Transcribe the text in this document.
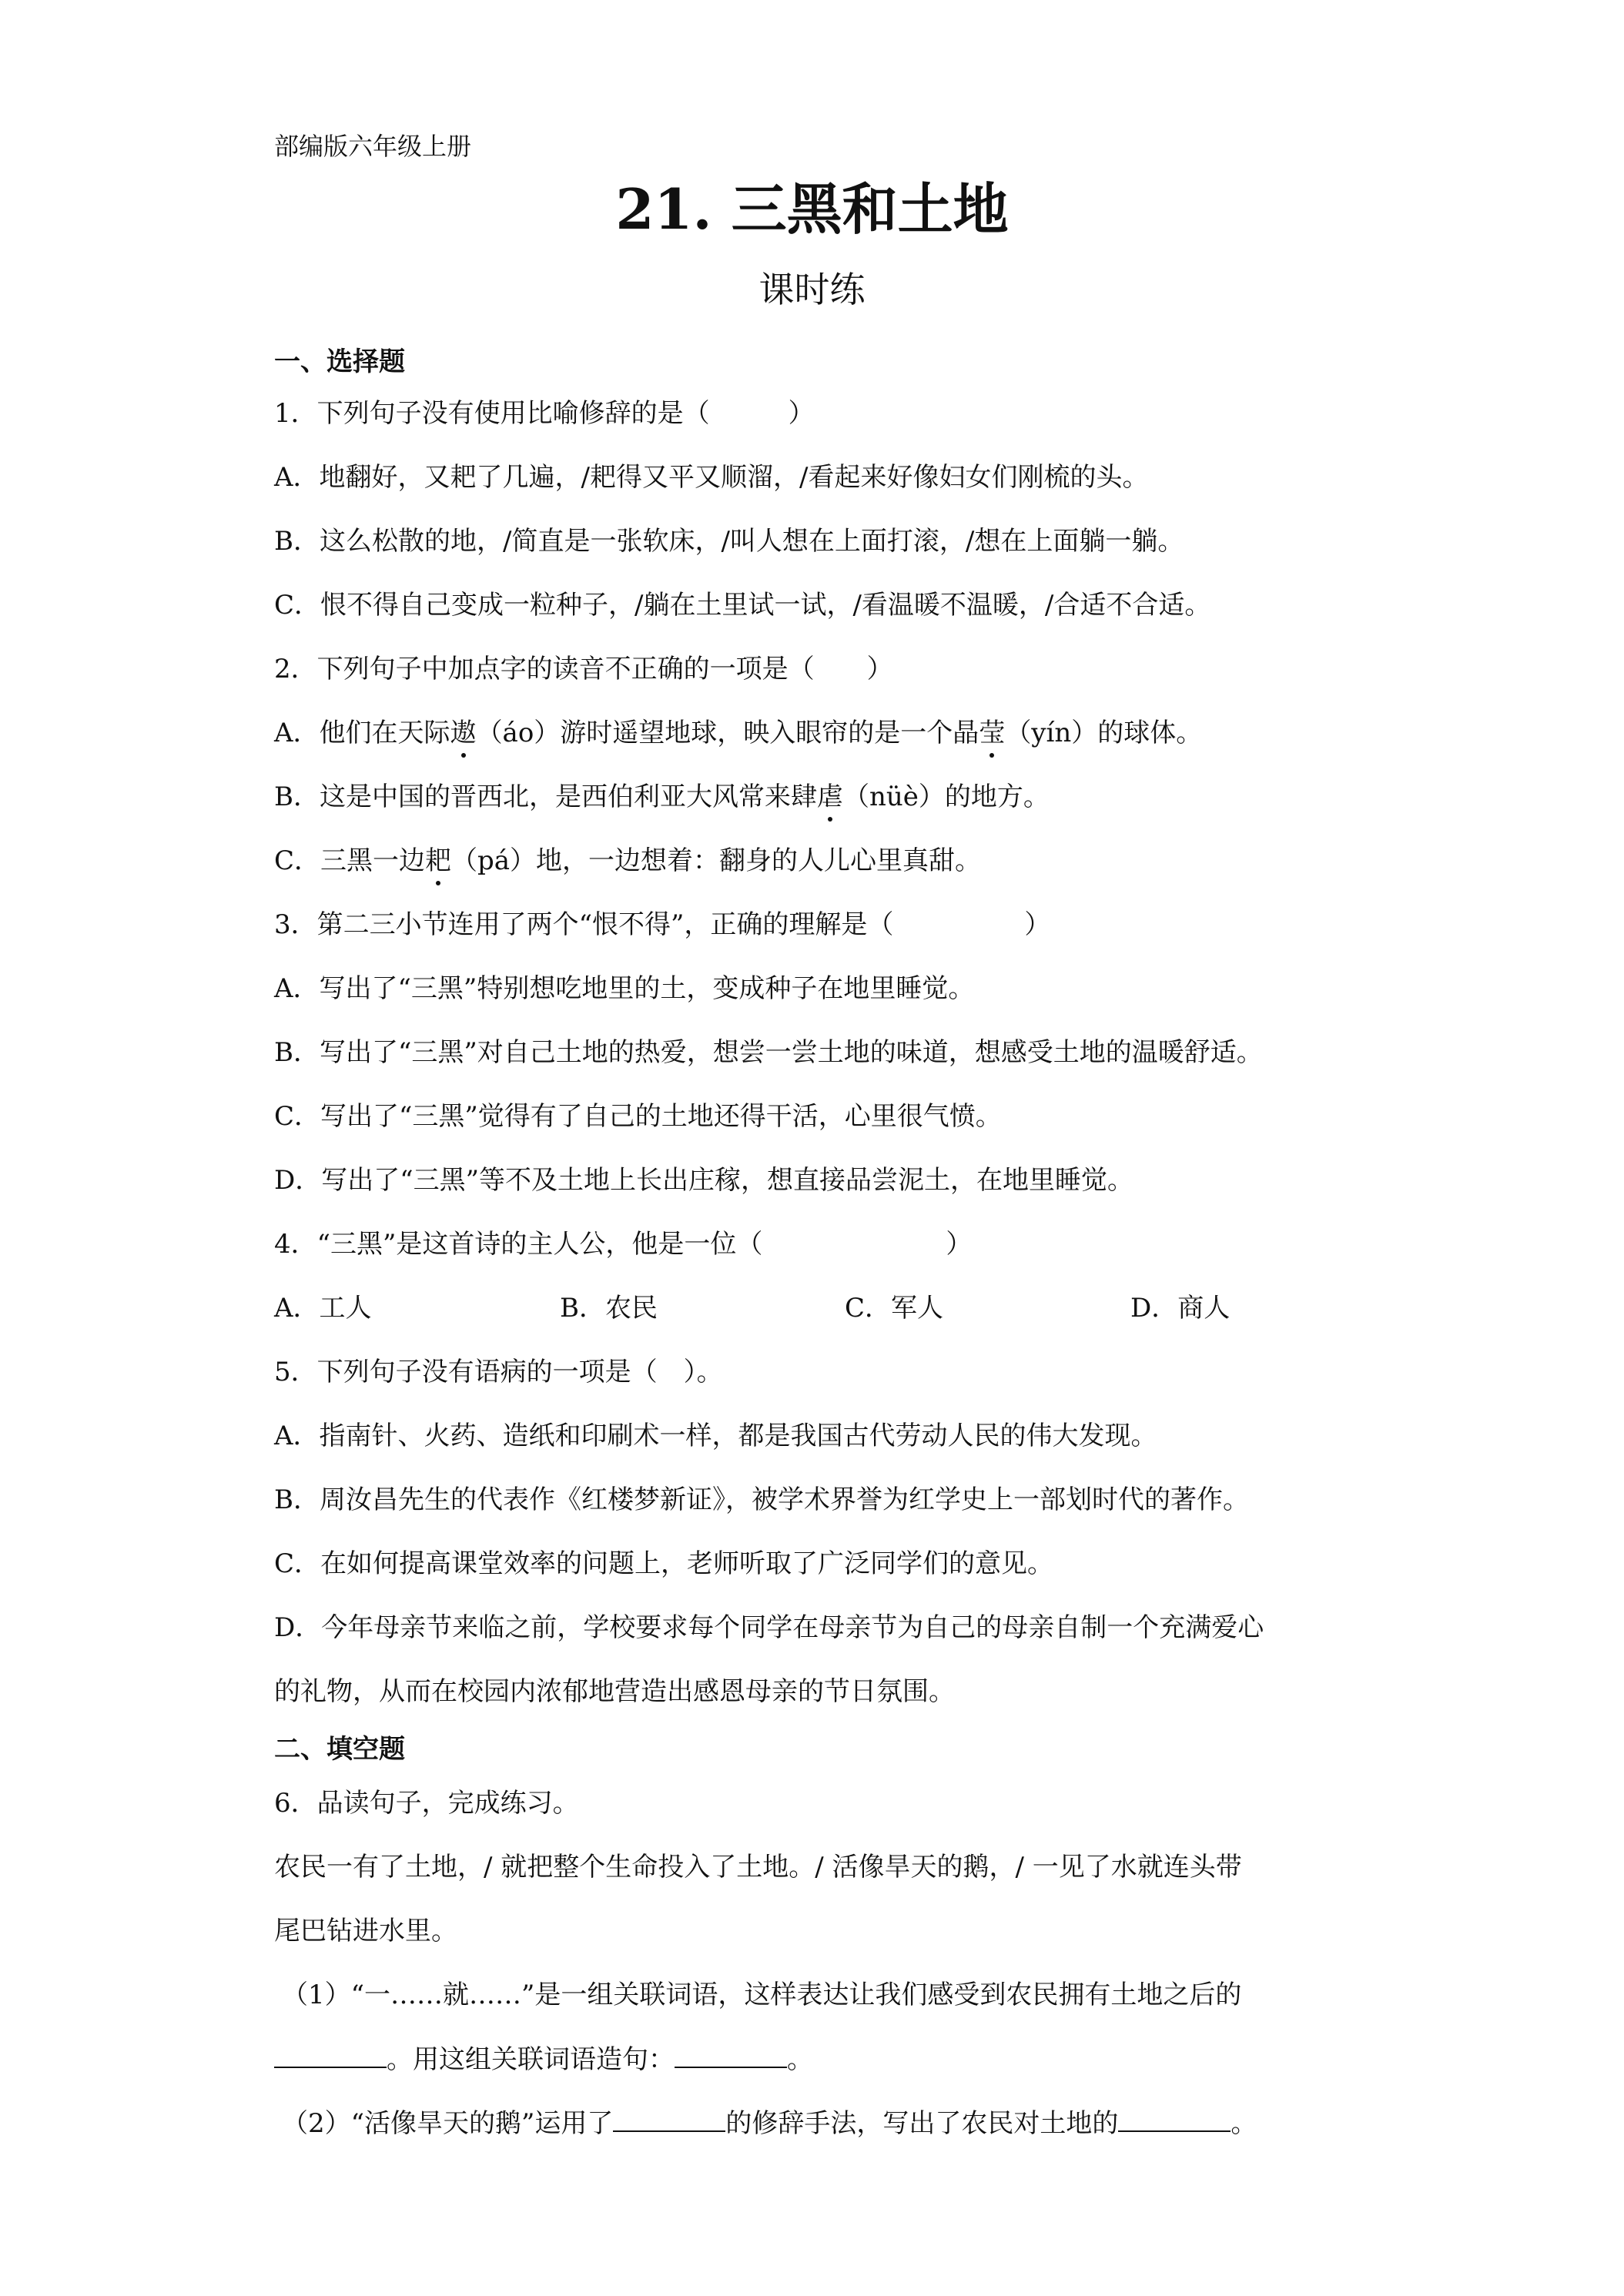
部编版六年级上册
21. 三黑和土地
课时练
一、选择题
1．下列句子没有使用比喻修辞的是（　　　）
A．地翻好，又耙了几遍，/耙得又平又顺溜，/看起来好像妇女们刚梳的头。
B．这么松散的地，/简直是一张软床，/叫人想在上面打滚，/想在上面躺一躺。
C．恨不得自己变成一粒种子，/躺在土里试一试，/看温暖不温暖，/合适不合适。
2．下列句子中加点字的读音不正确的一项是（　　）
A．他们在天际遨（áo）游时遥望地球，映入眼帘的是一个晶莹（yín）的球体。
B．这是中国的晋西北，是西伯利亚大风常来肆虐（nüè）的地方。
C．三黑一边耙（pá）地，一边想着：翻身的人儿心里真甜。
3．第二三小节连用了两个“恨不得”，正确的理解是（　　　　　）
A．写出了“三黑”特别想吃地里的土，变成种子在地里睡觉。
B．写出了“三黑”对自己土地的热爱，想尝一尝土地的味道，想感受土地的温暖舒适。
C．写出了“三黑”觉得有了自己的土地还得干活，心里很气愤。
D．写出了“三黑”等不及土地上长出庄稼，想直接品尝泥土，在地里睡觉。
4．“三黑”是这首诗的主人公，他是一位（　　　　　　　）
A．工人	B．农民	C．军人	D．商人
5．下列句子没有语病的一项是（　）。
A．指南针、火药、造纸和印刷术一样，都是我国古代劳动人民的伟大发现。
B．周汝昌先生的代表作《红楼梦新证》，被学术界誉为红学史上一部划时代的著作。
C．在如何提高课堂效率的问题上，老师听取了广泛同学们的意见。
D．今年母亲节来临之前，学校要求每个同学在母亲节为自己的母亲自制一个充满爱心
的礼物，从而在校园内浓郁地营造出感恩母亲的节日氛围。
二、填空题
6．品读句子，完成练习。
农民一有了土地，/ 就把整个生命投入了土地。/ 活像旱天的鹅，/ 一见了水就连头带
尾巴钻进水里。
（1）“一……就……”是一组关联词语，这样表达让我们感受到农民拥有土地之后的
。用这组关联词语造句：	。
（2）“活像旱天的鹅”运用了	的修辞手法，写出了农民对土地的	。
